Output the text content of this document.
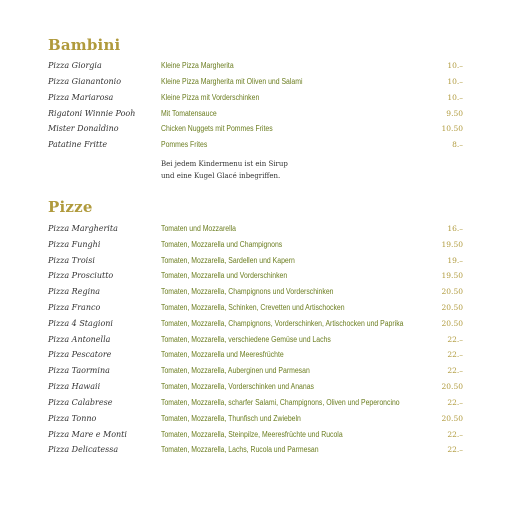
Bambini
Pizza Giorgia	Kleine Pizza Margherita	10.–
Pizza Gianantonio	Kleine Pizza Margherita mit Oliven und Salami	10.–
Pizza Mariarosa	Kleine Pizza mit Vorderschinken	10.–
Rigatoni Winnie Pooh	Mit Tomatensauce	9.50
Mister Donaldino	Chicken Nuggets mit Pommes Frites	10.50
Patatine Fritte	Pommes Frites	8.–
Bei jedem Kindermenu ist ein Sirup
und eine Kugel Glacé inbegriffen.
Pizze
Pizza Margherita	Tomaten und Mozzarella	16.–
Pizza Funghi	Tomaten, Mozzarella und Champignons	19.50
Pizza Troisi	Tomaten, Mozzarella, Sardellen und Kapern	19.–
Pizza Prosciutto	Tomaten, Mozzarella und Vorderschinken	19.50
Pizza Regina	Tomaten, Mozzarella, Champignons und Vorderschinken	20.50
Pizza Franco	Tomaten, Mozzarella, Schinken, Crevetten und Artischocken	20.50
Pizza 4 Stagioni	Tomaten, Mozzarella, Champignons, Vorderschinken, Artischocken und Paprika	20.50
Pizza Antonella	Tomaten, Mozzarella, verschiedene Gemüse und Lachs	22.–
Pizza Pescatore	Tomaten, Mozzarella und Meeresfrüchte	22.–
Pizza Taormina	Tomaten, Mozzarella, Auberginen und Parmesan	22.–
Pizza Hawaii	Tomaten, Mozzarella, Vorderschinken und Ananas	20.50
Pizza Calabrese	Tomaten, Mozzarella, scharfer Salami, Champignons, Oliven und Peperoncino	22.–
Pizza Tonno	Tomaten, Mozzarella, Thunfisch und Zwiebeln	20.50
Pizza Mare e Monti	Tomaten, Mozzarella, Steinpilze, Meeresfrüchte und Rucola	22.–
Pizza Delicatessa	Tomaten, Mozzarella, Lachs, Rucola und Parmesan	22.–
